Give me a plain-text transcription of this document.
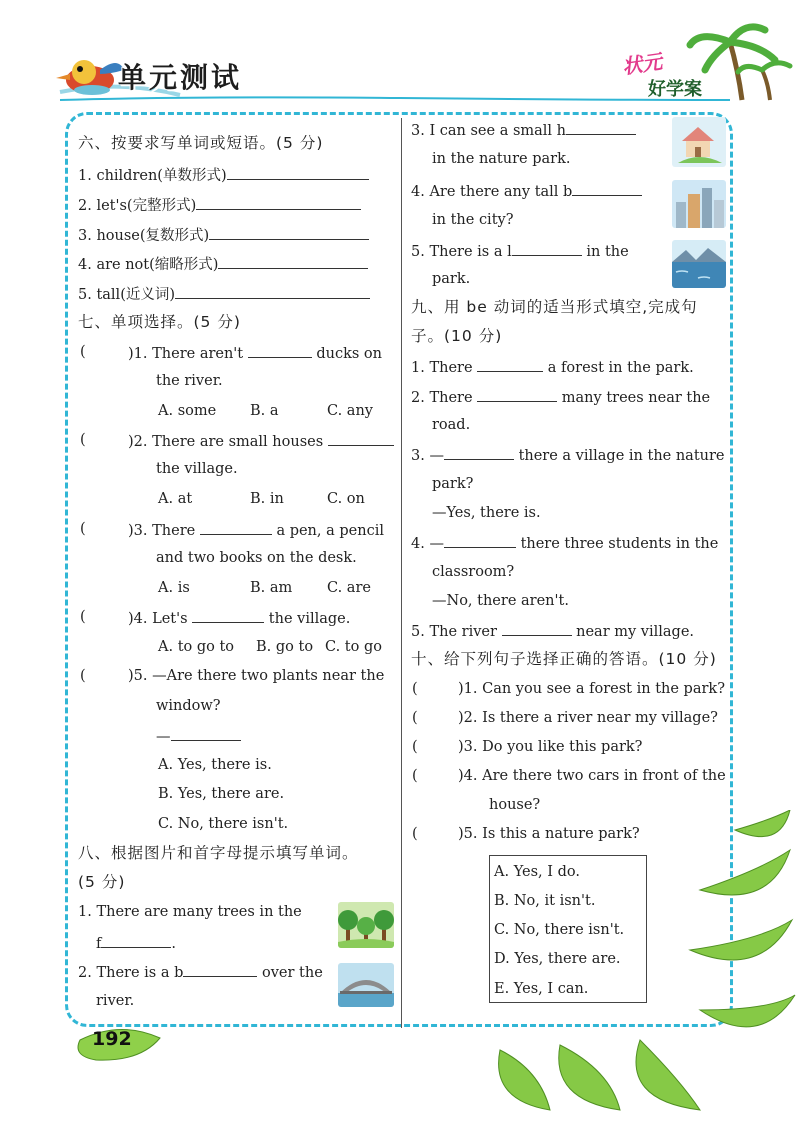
单元测试	状元
好学案
六、按要求写单词或短语。(5 分)
1. children(单数形式)
2. let's(完整形式)
3. house(复数形式)
4. are not(缩略形式)
5. tall(近义词)
七、单项选择。(5 分)
(	)1. There aren't	ducks on
the river.
A. some B. a	C. any
(	)2. There are small houses
the village.
A. at	B. in	C. on
(	)3. There	a pen, a pencil
and two books on the desk.
A. is	B. am C. are
(	)4. Let's	the village.
A. to go to B. go to C. to go
(	)5. —Are there two plants near the
window?
—
A. Yes, there is.
B. Yes, there are.
C. No, there isn't.
八、根据图片和首字母提示填写单词。
(5 分)
1. There are many trees in the
f	.
2. There is a b	over the
river.
3. I can see a small h
in the nature park.
4. Are there any tall b
in the city?
5. There is a l	in the
park.
九、用 be 动词的适当形式填空,完成句
子。(10 分)
1. There	a forest in the park.
2. There	many trees near the
road.
3. —	there a village in the nature
park?
—Yes, there is.
4. —	there three students in the
classroom?
—No, there aren't.
5. The river	near my village.
十、给下列句子选择正确的答语。(10 分)
(	)1. Can you see a forest in the park?
(	)2. Is there a river near my village?
(	)3. Do you like this park?
(	)4. Are there two cars in front of the
house?
(	)5. Is this a nature park?
A. Yes, I do.
B. No, it isn't.
C. No, there isn't.
D. Yes, there are.
E. Yes, I can.
192
